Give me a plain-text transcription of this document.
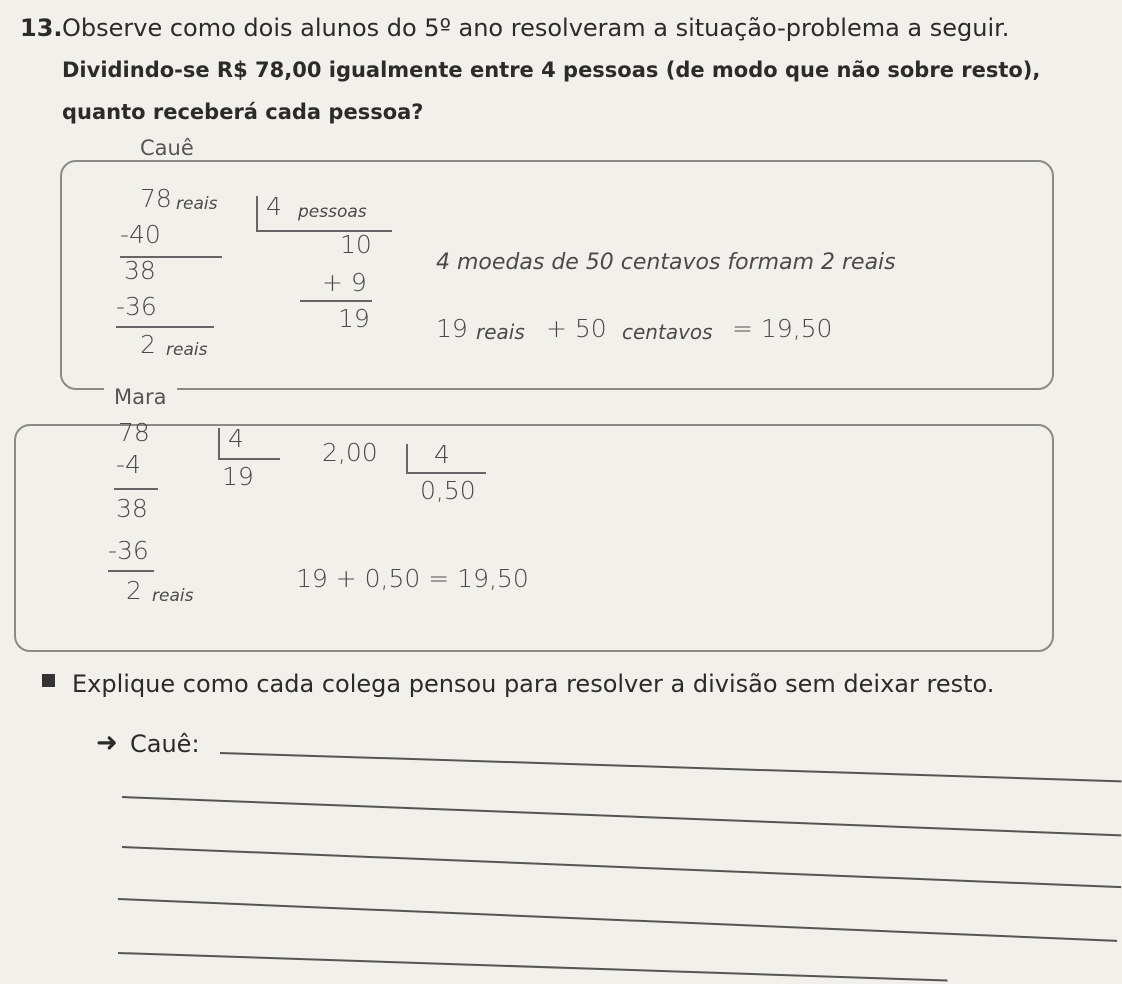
13. Observe como dois alunos do 5º ano resolveram a situação-problema a seguir.
Dividindo-se R$ 78,00 igualmente entre 4 pessoas (de modo que não sobre resto),
quanto receberá cada pessoa?
Cauê
78 reais 4 pessoas
-40
38
-36
2 reais
10
+ 9
19
4 moedas de 50 centavos formam 2 reais
19 reais + 50 centavos = 19,50
Mara
78
-4
38
-36
2 reais
4
19
2,00 4
0,50
19 + 0,50 = 19,50
Explique como cada colega pensou para resolver a divisão sem deixar resto.
➜ Cauê:
